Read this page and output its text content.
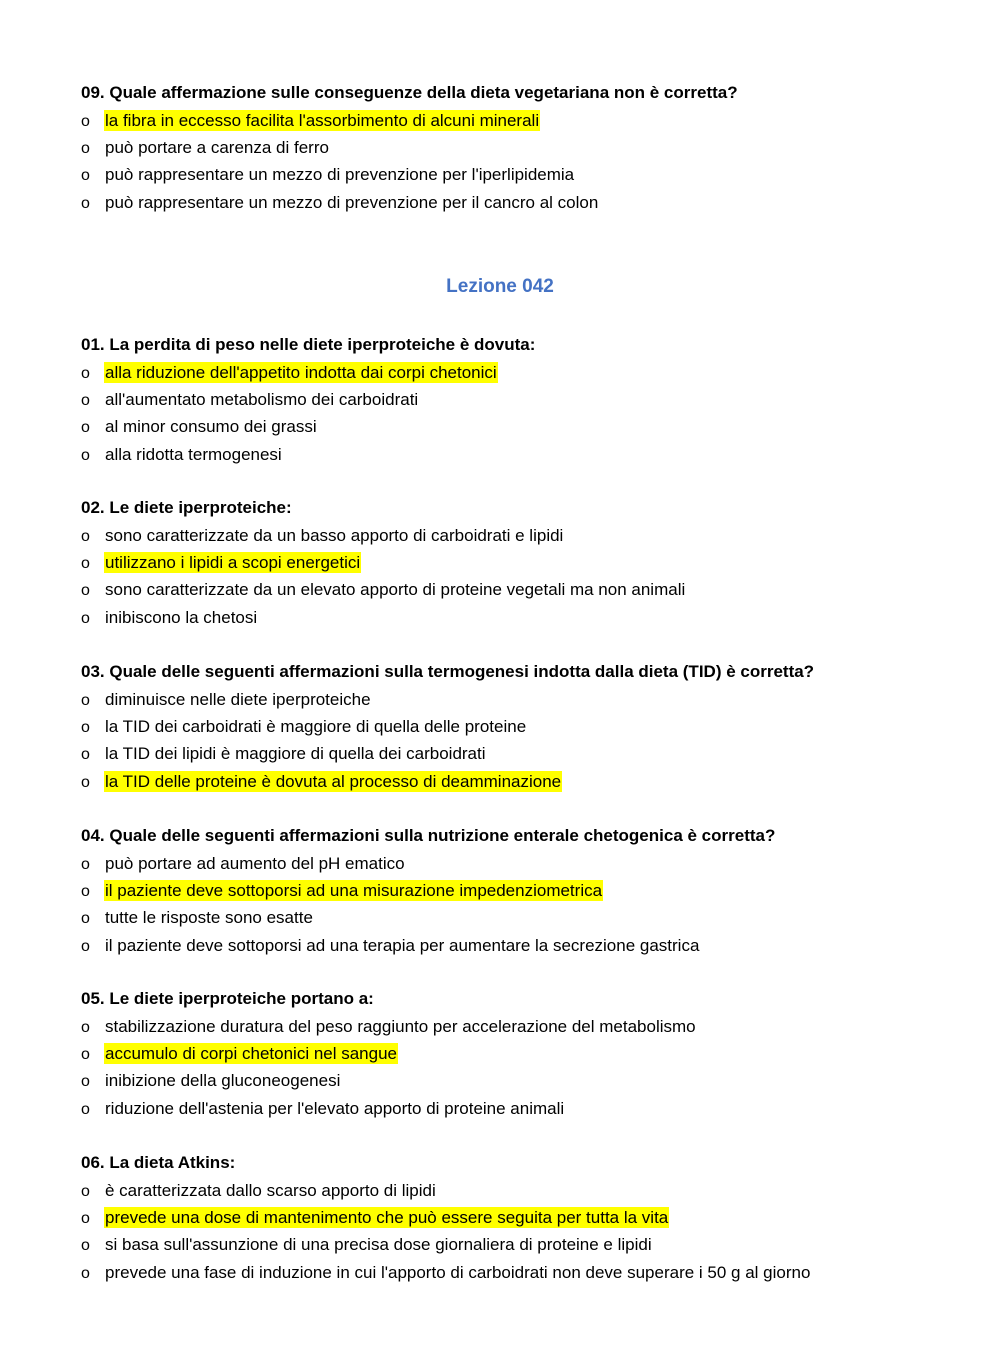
Lezione 042
09. Quale affermazione sulle conseguenze della dieta vegetariana non è corretta?
o la fibra in eccesso facilita l'assorbimento di alcuni minerali
o può portare a carenza di ferro
o può rappresentare un mezzo di prevenzione per l'iperlipidemia
o può rappresentare un mezzo di prevenzione per il cancro al colon
01. La perdita di peso nelle diete iperproteiche è dovuta:
o alla riduzione dell'appetito indotta dai corpi chetonici
o all'aumentato metabolismo dei carboidrati
o al minor consumo dei grassi
o alla ridotta termogenesi
02. Le diete iperproteiche:
o sono caratterizzate da un basso apporto di carboidrati e lipidi
o utilizzano i lipidi a scopi energetici
o sono caratterizzate da un elevato apporto di proteine vegetali ma non animali
o inibiscono la chetosi
03. Quale delle seguenti affermazioni sulla termogenesi indotta dalla dieta (TID) è corretta?
o diminuisce nelle diete iperproteiche
o la TID dei carboidrati è maggiore di quella delle proteine
o la TID dei lipidi è maggiore di quella dei carboidrati
o la TID delle proteine è dovuta al processo di deamminazione
04. Quale delle seguenti affermazioni sulla nutrizione enterale chetogenica è corretta?
o può portare ad aumento del pH ematico
o il paziente deve sottoporsi ad una misurazione impedenziometrica
o tutte le risposte sono esatte
o il paziente deve sottoporsi ad una terapia per aumentare la secrezione gastrica
05. Le diete iperproteiche portano a:
o stabilizzazione duratura del peso raggiunto per accelerazione del metabolismo
o accumulo di corpi chetonici nel sangue
o inibizione della gluconeogenesi
o riduzione dell'astenia per l'elevato apporto di proteine animali
06. La dieta Atkins:
o è caratterizzata dallo scarso apporto di lipidi
o prevede una dose di mantenimento che può essere seguita per tutta la vita
o si basa sull'assunzione di una precisa dose giornaliera di proteine e lipidi
o prevede una fase di induzione in cui l'apporto di carboidrati non deve superare i 50 g al giorno
